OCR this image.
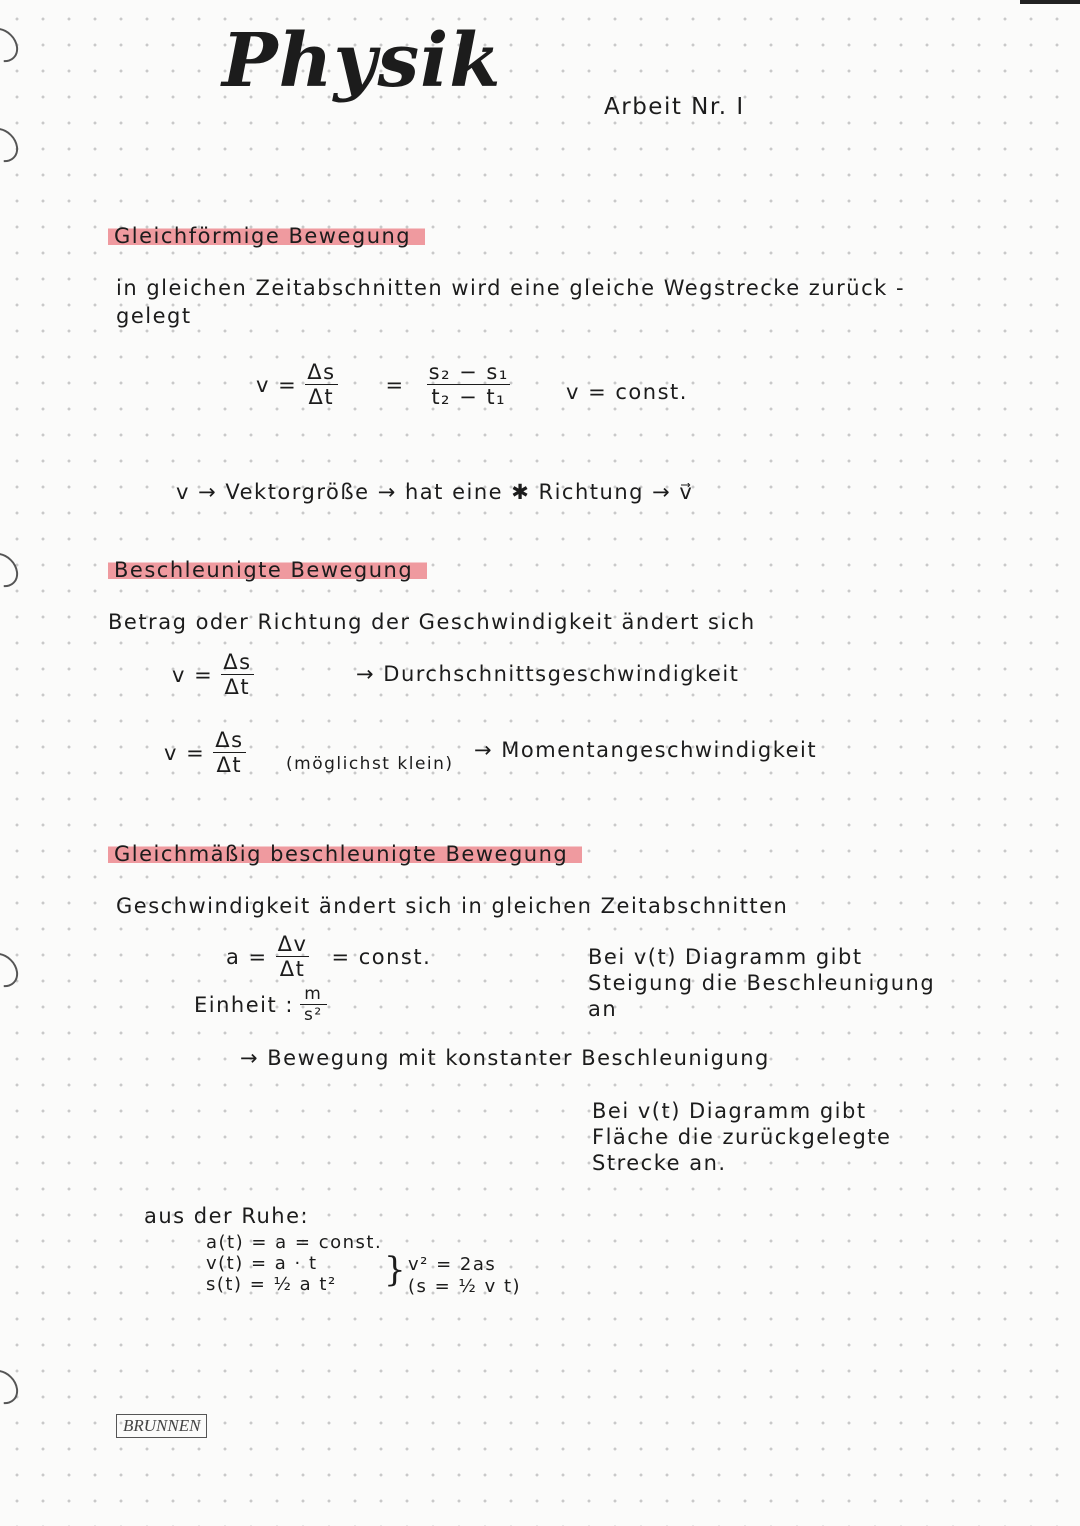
Physik
Arbeit Nr. I
Gleichförmige Bewegung
in gleichen Zeitabschnitten wird eine gleiche Wegstrecke zurück -
gelegt
$v = \frac{\Delta s}{\Delta t} = \frac{\text{s₂ − s₁}}{\text{t₂ − t₁}}$	v = const.
v → Vektorgröße → hat eine ✱ Richtung → v⃗
Beschleunigte Bewegung
Betrag oder Richtung der Geschwindigkeit ändert sich
$v = \frac{\Delta s}{\Delta t}$	→ Durchschnittsgeschwindigkeit
$v = \frac{\Delta s}{\Delta t}$ (möglichst klein)
→ Momentangeschwindigkeit
Gleichmäßig beschleunigte Bewegung
Geschwindigkeit ändert sich in gleichen Zeitabschnitten
$a = \frac{\Delta v}{\Delta t}$ = const.
Einheit : $\frac{m}{\text{s²}}$
Bei v(t) Diagramm gibt
Steigung die Beschleunigung
an
→ Bewegung mit konstanter Beschleunigung
Bei v(t) Diagramm gibt
Fläche die zurückgelegte
Strecke an.
aus der Ruhe:
a(t) = a = const.
v(t) = a · t
s(t) = ½ a t²	} v² = 2as
(s = ½ v t)
BRUNNEN
